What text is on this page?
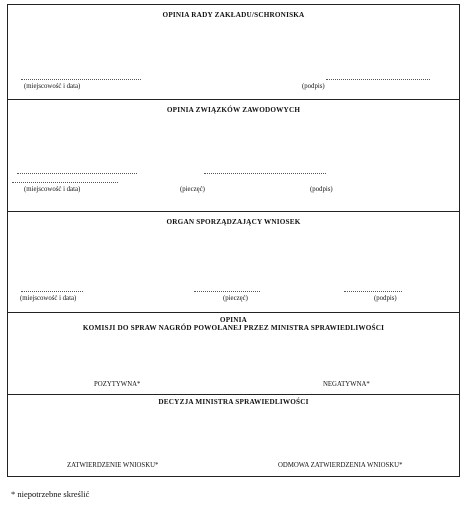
OPINIA RADY ZAKŁADU/SCHRONISKA
(miejscowość i data)	(podpis)
OPINIA ZWIĄZKÓW ZAWODOWYCH
(miejscowość i data)	(pieczęć)	(podpis)
ORGAN SPORZĄDZAJĄCY WNIOSEK
(miejscowość i data)	(pieczęć)	(podpis)
OPINIA
KOMISJI DO SPRAW NAGRÓD POWOŁANEJ PRZEZ MINISTRA SPRAWIEDLIWOŚCI
POZYTYWNA*	NEGATYWNA*
DECYZJA MINISTRA SPRAWIEDLIWOŚCI
ZATWIERDZENIE WNIOSKU*	ODMOWA ZATWIERDZENIA WNIOSKU*
* niepotrzebne skreślić
